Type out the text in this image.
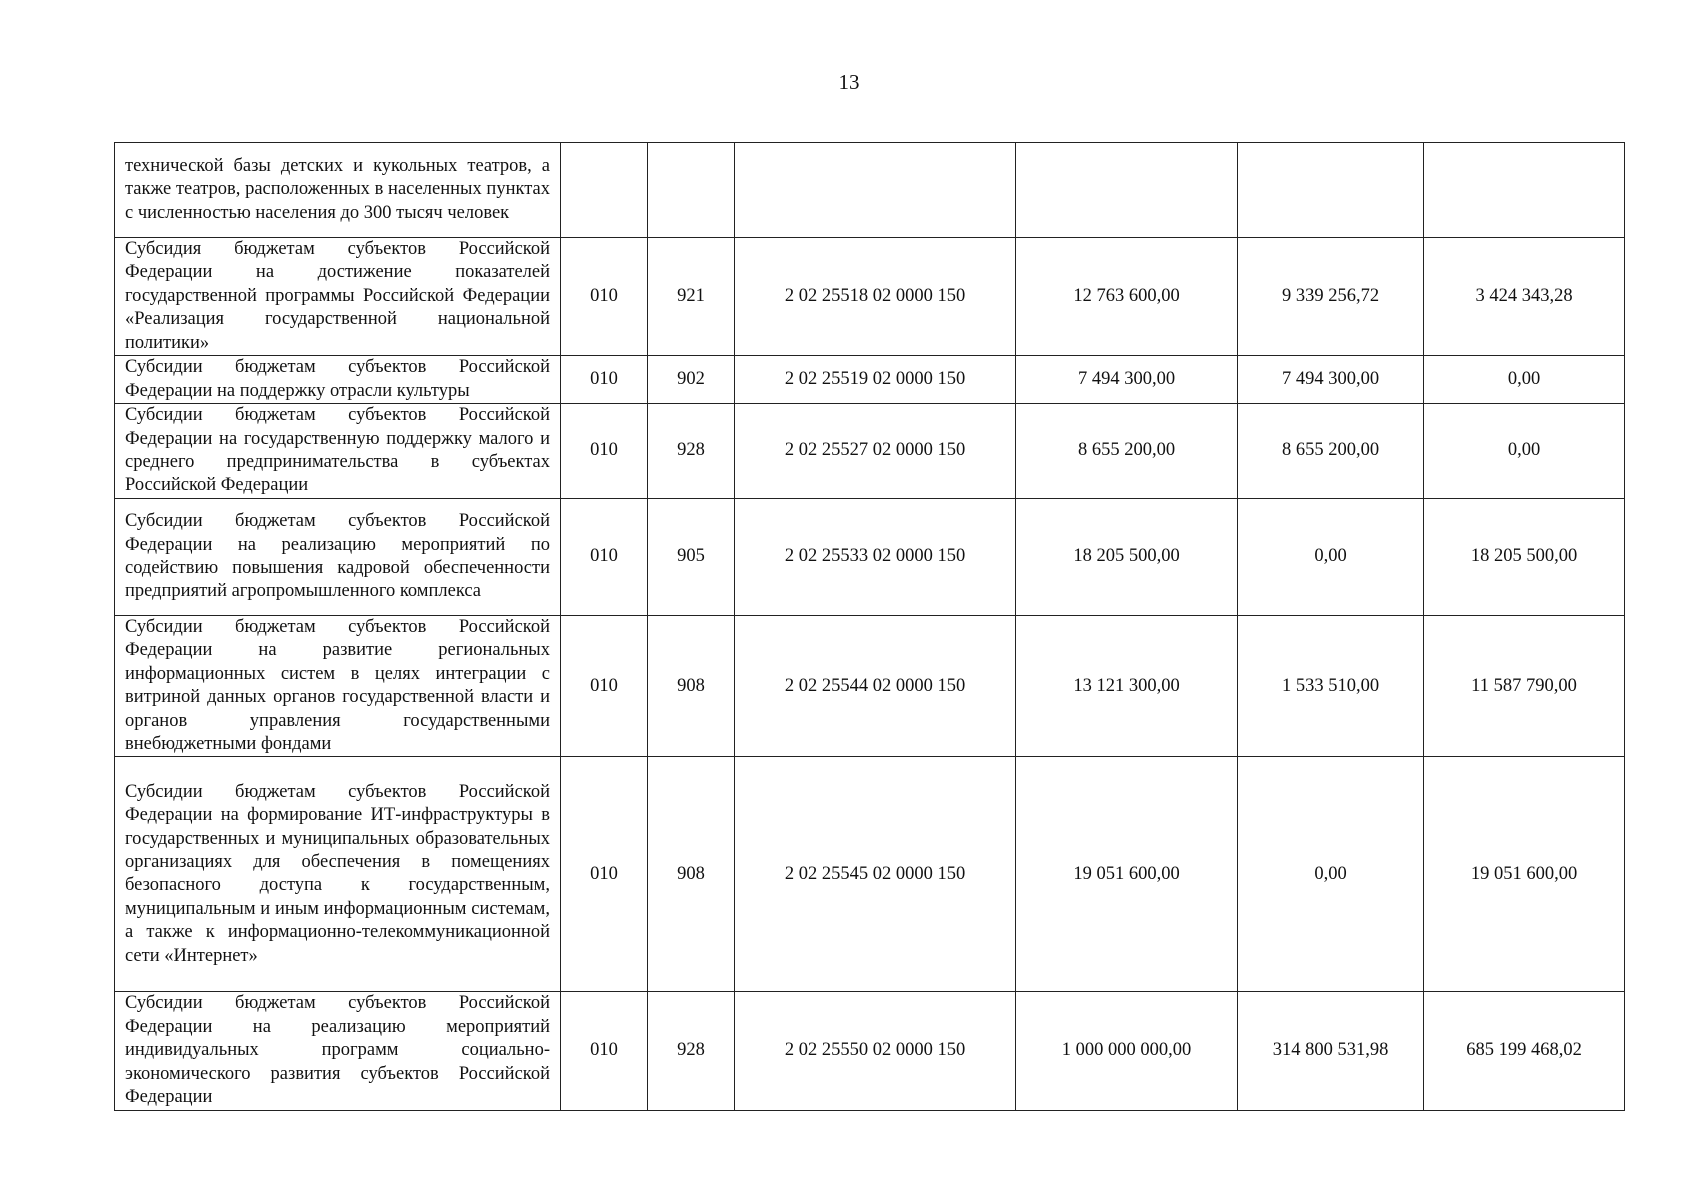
13
технической базы детских и кукольных театров, а также театров, расположенных в населенных пунктах с численностью населения до 300 тысяч человек						
Субсидия бюджетам субъектов Российской Федерации на достижение показателей государственной программы Российской Федерации «Реализация государственной национальной политики»	010	921	2 02 25518 02 0000 150	12 763 600,00	9 339 256,72	3 424 343,28
Субсидии бюджетам субъектов Российской Федерации на поддержку отрасли культуры	010	902	2 02 25519 02 0000 150	7 494 300,00	7 494 300,00	0,00
Субсидии бюджетам субъектов Российской Федерации на государственную поддержку малого и среднего предпринимательства в субъектах Российской Федерации	010	928	2 02 25527 02 0000 150	8 655 200,00	8 655 200,00	0,00
Субсидии бюджетам субъектов Российской Федерации на реализацию мероприятий по содействию повышения кадровой обеспеченности предприятий агропромышленного комплекса	010	905	2 02 25533 02 0000 150	18 205 500,00	0,00	18 205 500,00
Субсидии бюджетам субъектов Российской Федерации на развитие региональных информационных систем в целях интеграции с витриной данных органов государственной власти и органов управления государственными внебюджетными фондами	010	908	2 02 25544 02 0000 150	13 121 300,00	1 533 510,00	11 587 790,00
Субсидии бюджетам субъектов Российской Федерации на формирование ИТ-инфраструктуры в государственных и муниципальных образовательных организациях для обеспечения в помещениях безопасного доступа к государственным, муниципальным и иным информационным системам, а также к информационно-телекоммуникационной сети «Интернет»	010	908	2 02 25545 02 0000 150	19 051 600,00	0,00	19 051 600,00
Субсидии бюджетам субъектов Российской Федерации на реализацию мероприятий индивидуальных программ социально-экономического развития субъектов Российской Федерации	010	928	2 02 25550 02 0000 150	1 000 000 000,00	314 800 531,98	685 199 468,02
